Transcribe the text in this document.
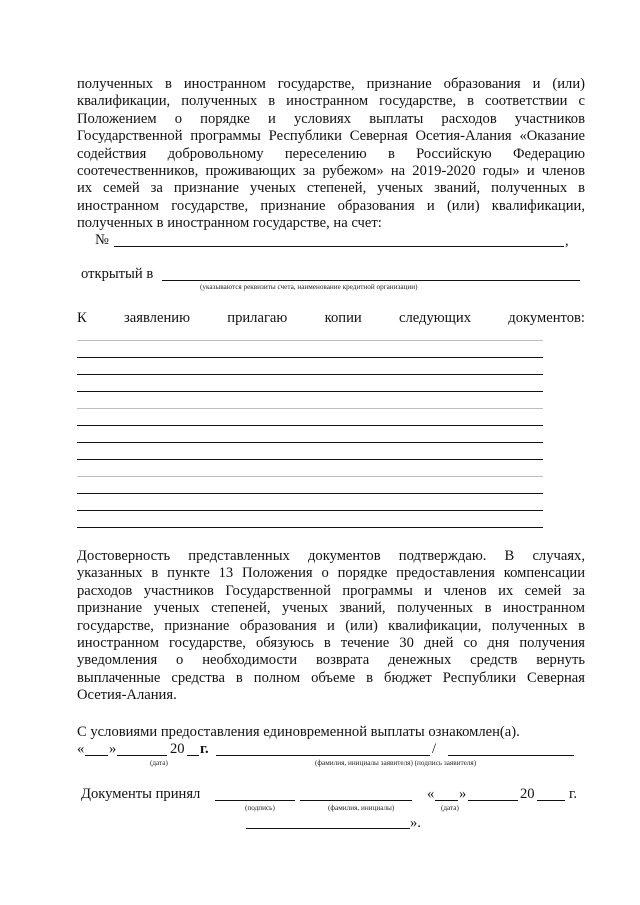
полученных в иностранном государстве, признание образования и (или)
квалификации, полученных в иностранном государстве, в соответствии с
Положением о порядке и условиях выплаты расходов участников
Государственной программы Республики Северная Осетия-Алания «Оказание
содействия добровольному переселению в Российскую Федерацию
соотечественников, проживающих за рубежом» на 2019-2020 годы» и членов
их семей за признание ученых степеней, ученых званий, полученных в
иностранном государстве, признание образования и (или) квалификации,
полученных в иностранном государстве, на счет:
№	,
открытый в
(указываются реквизиты счета, наименование кредитной организации)
К	заявлению	прилагаю	копии	следующих	документов:
Достоверность представленных документов подтверждаю. В случаях,
указанных в пункте 13 Положения о порядке предоставления компенсации
расходов участников Государственной программы и членов их семей за
признание ученых степеней, ученых званий, полученных в иностранном
государстве, признание образования и (или) квалификации, полученных в
иностранном государстве, обязуюсь в течение 30 дней со дня получения
уведомления о необходимости возврата денежных средств вернуть
выплаченные средства в полном объеме в бюджет Республики Северная
Осетия-Алания.
С условиями предоставления единовременной выплаты ознакомлен(а).
« »	20 г.	/
(дата)	(фамилия, инициалы заявителя) (подпись заявителя)
Документы принял	« »	20 г.
(подпись)	(фамилия, инициалы)	(дата)
».
